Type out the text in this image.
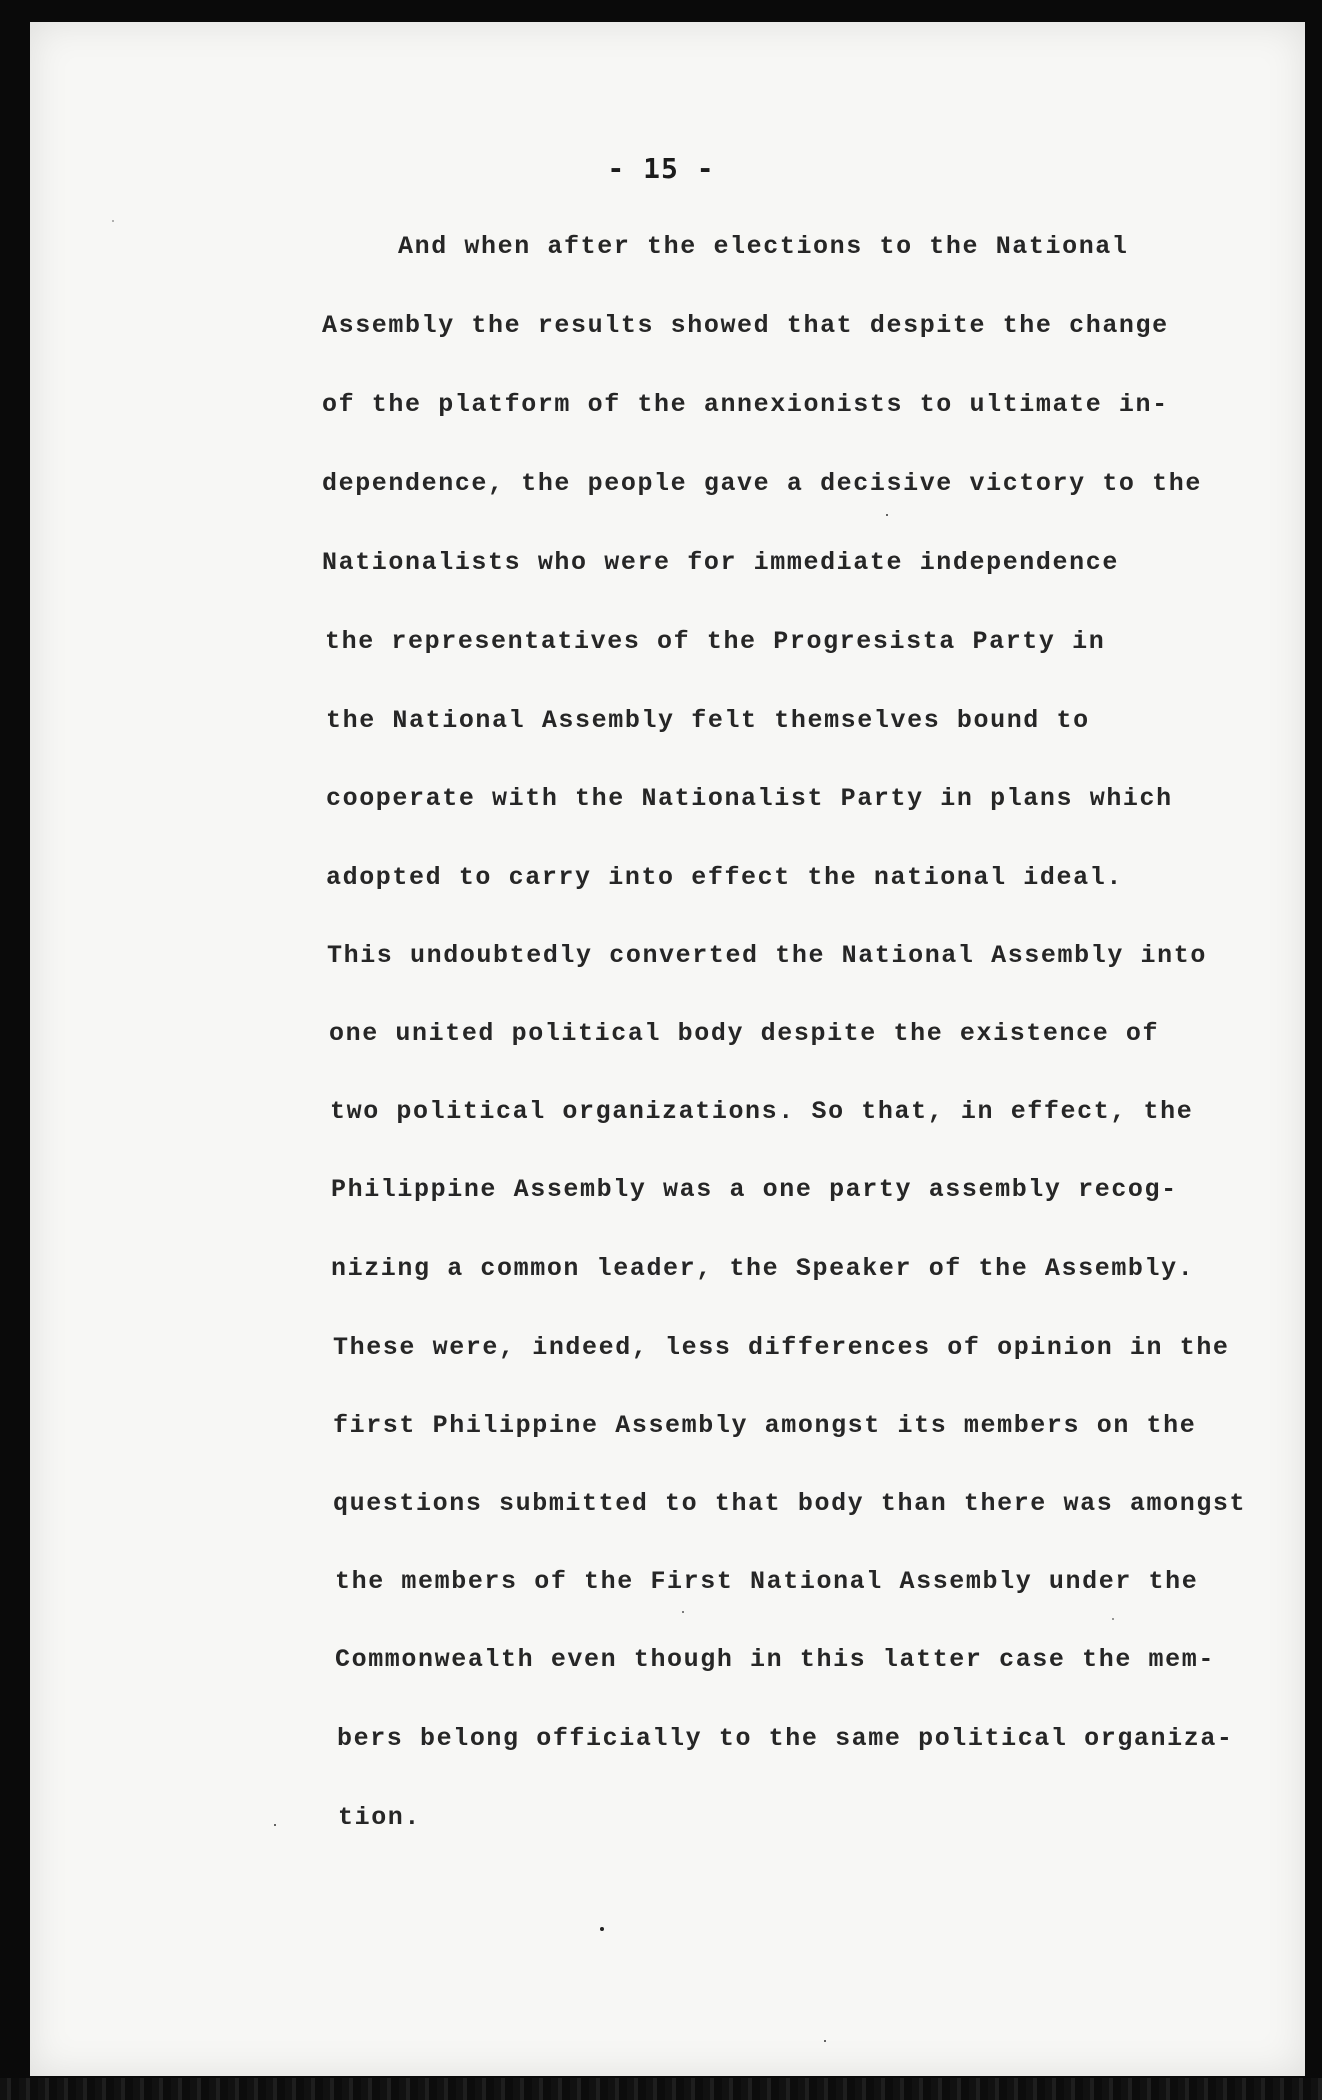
- 15 -
And when after the elections to the National
Assembly the results showed that despite the change
of the platform of the annexionists to ultimate in-
dependence, the people gave a decisive victory to the
Nationalists who were for immediate independence
the representatives of the Progresista Party in
the National Assembly felt themselves bound to
cooperate with the Nationalist Party in plans which
adopted to carry into effect the national ideal.
This undoubtedly converted the National Assembly into
one united political body despite the existence of
two political organizations. So that, in effect, the
Philippine Assembly was a one party assembly recog-
nizing a common leader, the Speaker of the Assembly.
These were, indeed, less differences of opinion in the
first Philippine Assembly amongst its members on the
questions submitted to that body than there was amongst
the members of the First National Assembly under the
Commonwealth even though in this latter case the mem-
bers belong officially to the same political organiza-
tion.
